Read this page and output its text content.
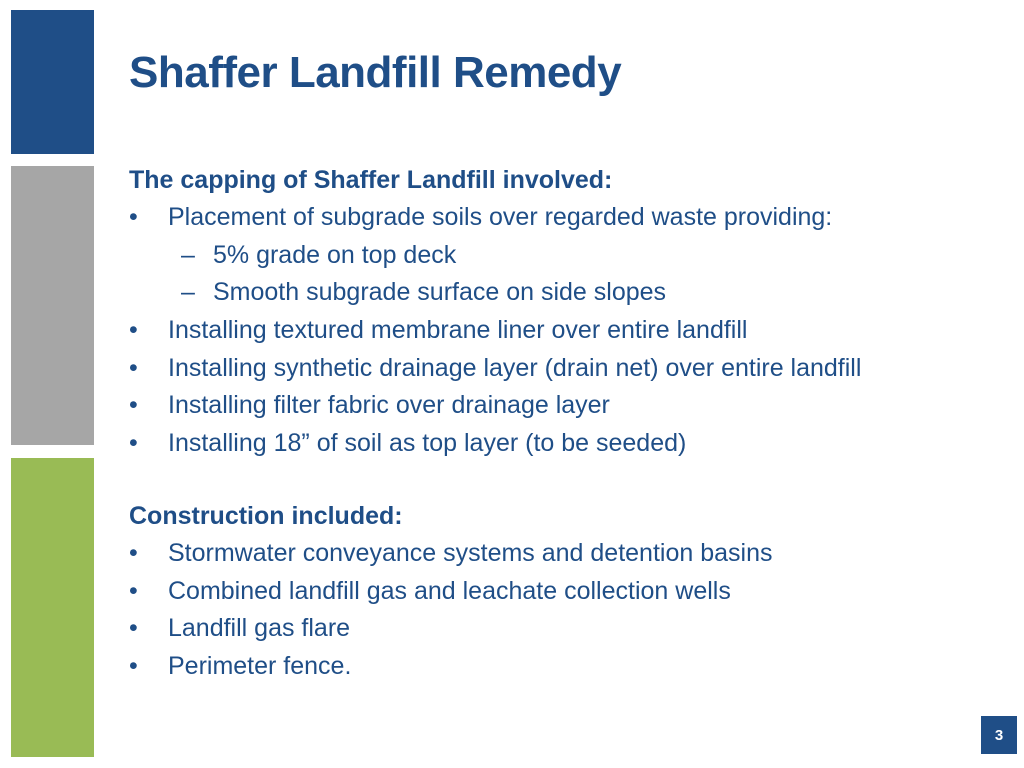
Shaffer Landfill Remedy
The capping of Shaffer Landfill involved:
•	Placement of subgrade soils over regarded waste providing:
– 5% grade on top deck
– Smooth subgrade surface on side slopes
•	Installing textured membrane liner over entire landfill
•	Installing synthetic drainage layer (drain net) over entire landfill
•	Installing filter fabric over drainage layer
•	Installing 18” of soil as top layer (to be seeded)
Construction included:
•	Stormwater conveyance systems and detention basins
•	Combined landfill gas and leachate collection wells
•	Landfill gas flare
•	Perimeter fence.
3
